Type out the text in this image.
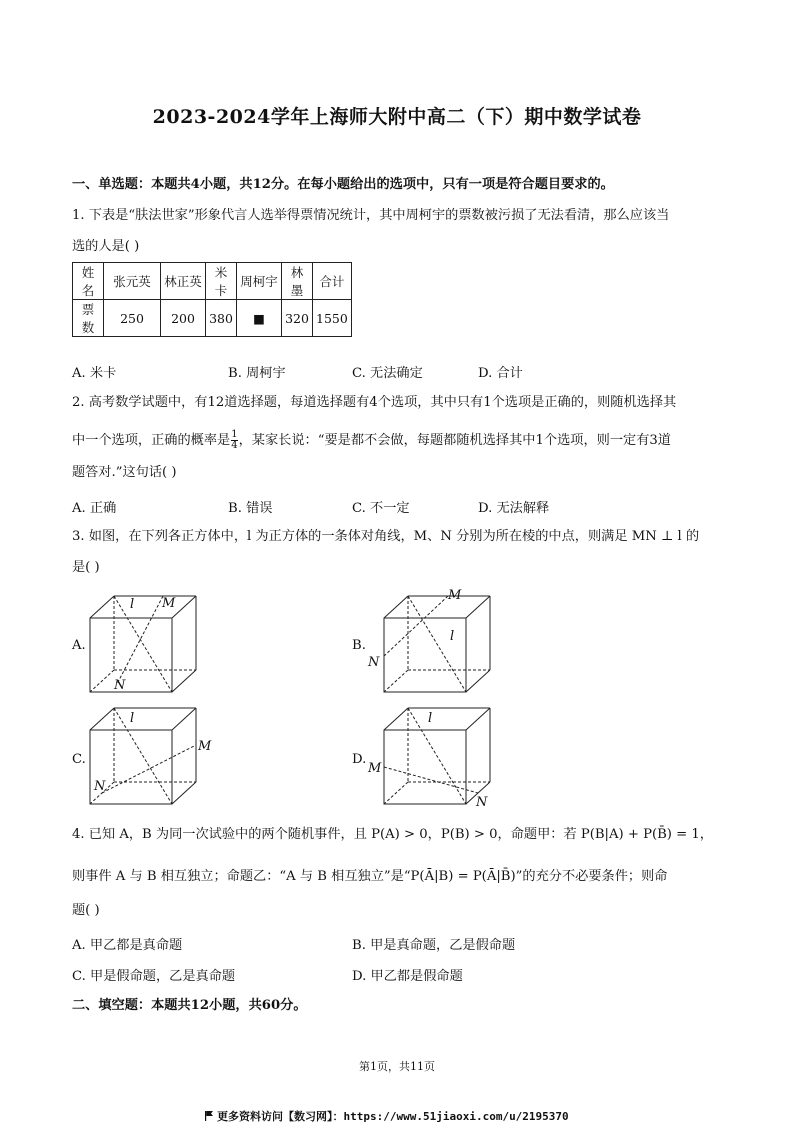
2023-2024学年上海师大附中高二（下）期中数学试卷
一、单选题：本题共4小题，共12分。在每小题给出的选项中，只有一项是符合题目要求的。
1. 下表是“肤法世家”形象代言人选举得票情况统计，其中周柯宇的票数被污损了无法看清，那么应该当
选的人是( )
姓名	张元英	林正英	米卡	周柯宇	林墨	合计
票数	250	200	380	■	320	1550
A. 米卡	B. 周柯宇	C. 无法确定	D. 合计
2. 高考数学试题中，有12道选择题，每道选择题有4个选项，其中只有1个选项是正确的，则随机选择其
中一个选项，正确的概率是 $\frac{1}{4}$ ，某家长说：“要是都不会做，每题都随机选择其中1个选项，则一定有3道
题答对.”这句话( )
A. 正确	B. 错误	C. 不一定	D. 无法解释
3. 如图，在下列各正方体中，l 为正方体的一条体对角线，M、N 分别为所在棱的中点，则满足 MN ⊥ l 的
是( )
A.
l M
N
B.
M
l
N
C.
l
M
N
D.
l
M
N
4. 已知 A，B 为同一次试验中的两个随机事件，且 P(A) > 0，P(B) > 0，命题甲：若 P(B|A) + P(B̄) = 1，
则事件 A 与 B 相互独立；命题乙：“A 与 B 相互独立”是“P(Ā|B) = P(Ā|B̄)”的充分不必要条件；则命
题( )
A. 甲乙都是真命题	B. 甲是真命题，乙是假命题
C. 甲是假命题，乙是真命题	D. 甲乙都是假命题
二、填空题：本题共12小题，共60分。
第1页，共11页
更多资料访问【数习网】：https://www.51jiaoxi.com/u/2195370
